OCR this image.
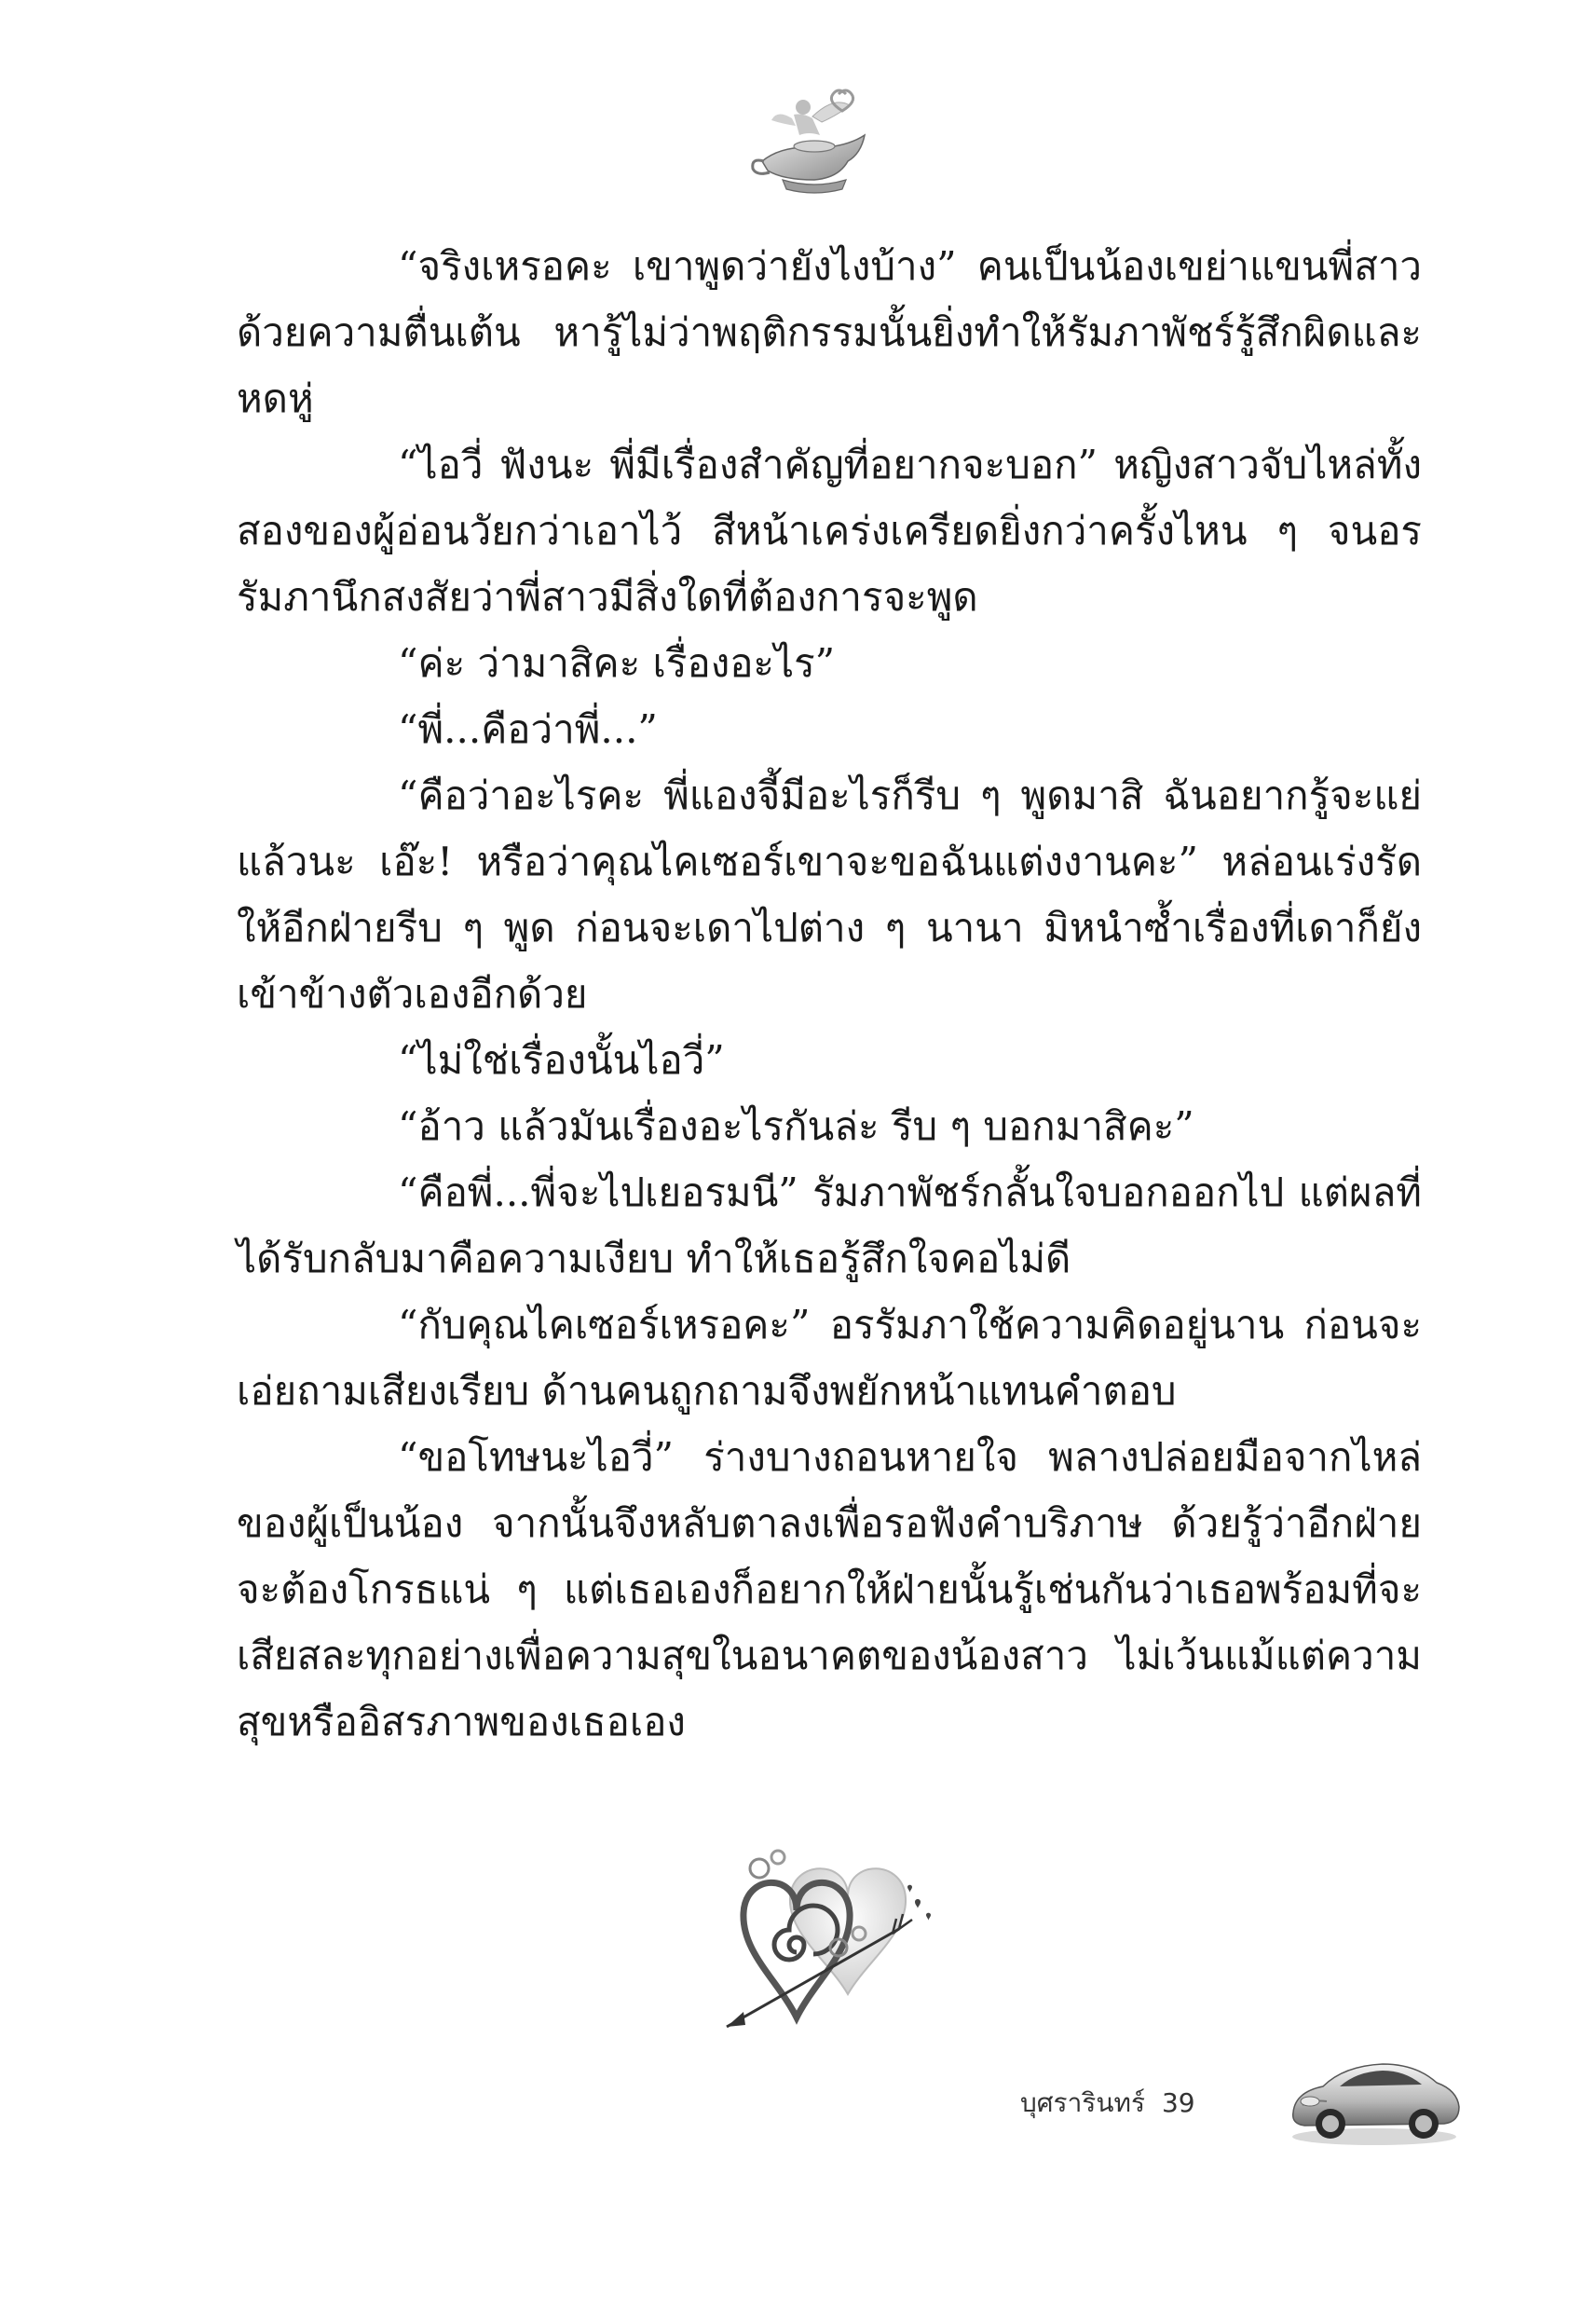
“จริงเหรอคะ เขาพูดว่ายังไงบ้าง” คนเป็นน้องเขย่าแขนพี่สาวด้วยความตื่นเต้น หารู้ไม่ว่าพฤติกรรมนั้นยิ่งทำให้รัมภาพัชร์รู้สึกผิดและหดหู่

“ไอวี่ ฟังนะ พี่มีเรื่องสำคัญที่อยากจะบอก” หญิงสาวจับไหล่ทั้งสองของผู้อ่อนวัยกว่าเอาไว้ สีหน้าเคร่งเครียดยิ่งกว่าครั้งไหน ๆ จนอรรัมภานึกสงสัยว่าพี่สาวมีสิ่งใดที่ต้องการจะพูด

“ค่ะ ว่ามาสิคะ เรื่องอะไร”

“พี่...คือว่าพี่...”

“คือว่าอะไรคะ พี่แองจี้มีอะไรก็รีบ ๆ พูดมาสิ ฉันอยากรู้จะแย่แล้วนะ เอ๊ะ! หรือว่าคุณไคเซอร์เขาจะขอฉันแต่งงานคะ” หล่อนเร่งรัดให้อีกฝ่ายรีบ ๆ พูด ก่อนจะเดาไปต่าง ๆ นานา มิหนำซ้ำเรื่องที่เดาก็ยังเข้าข้างตัวเองอีกด้วย

“ไม่ใช่เรื่องนั้นไอวี่”

“อ้าว แล้วมันเรื่องอะไรกันล่ะ รีบ ๆ บอกมาสิคะ”

“คือพี่...พี่จะไปเยอรมนี” รัมภาพัชร์กลั้นใจบอกออกไป แต่ผลที่ได้รับกลับมาคือความเงียบ ทำให้เธอรู้สึกใจคอไม่ดี

“กับคุณไคเซอร์เหรอคะ” อรรัมภาใช้ความคิดอยู่นาน ก่อนจะเอ่ยถามเสียงเรียบ ด้านคนถูกถามจึงพยักหน้าแทนคำตอบ

“ขอโทษนะไอวี่” ร่างบางถอนหายใจ พลางปล่อยมือจากไหล่ของผู้เป็นน้อง จากนั้นจึงหลับตาลงเพื่อรอฟังคำบริภาษ ด้วยรู้ว่าอีกฝ่ายจะต้องโกรธแน่ ๆ แต่เธอเองก็อยากให้ฝ่ายนั้นรู้เช่นกันว่าเธอพร้อมที่จะเสียสละทุกอย่างเพื่อความสุขในอนาคตของน้องสาว ไม่เว้นแม้แต่ความสุขหรืออิสรภาพของเธอเอง

บุศรารินทร์ 39
